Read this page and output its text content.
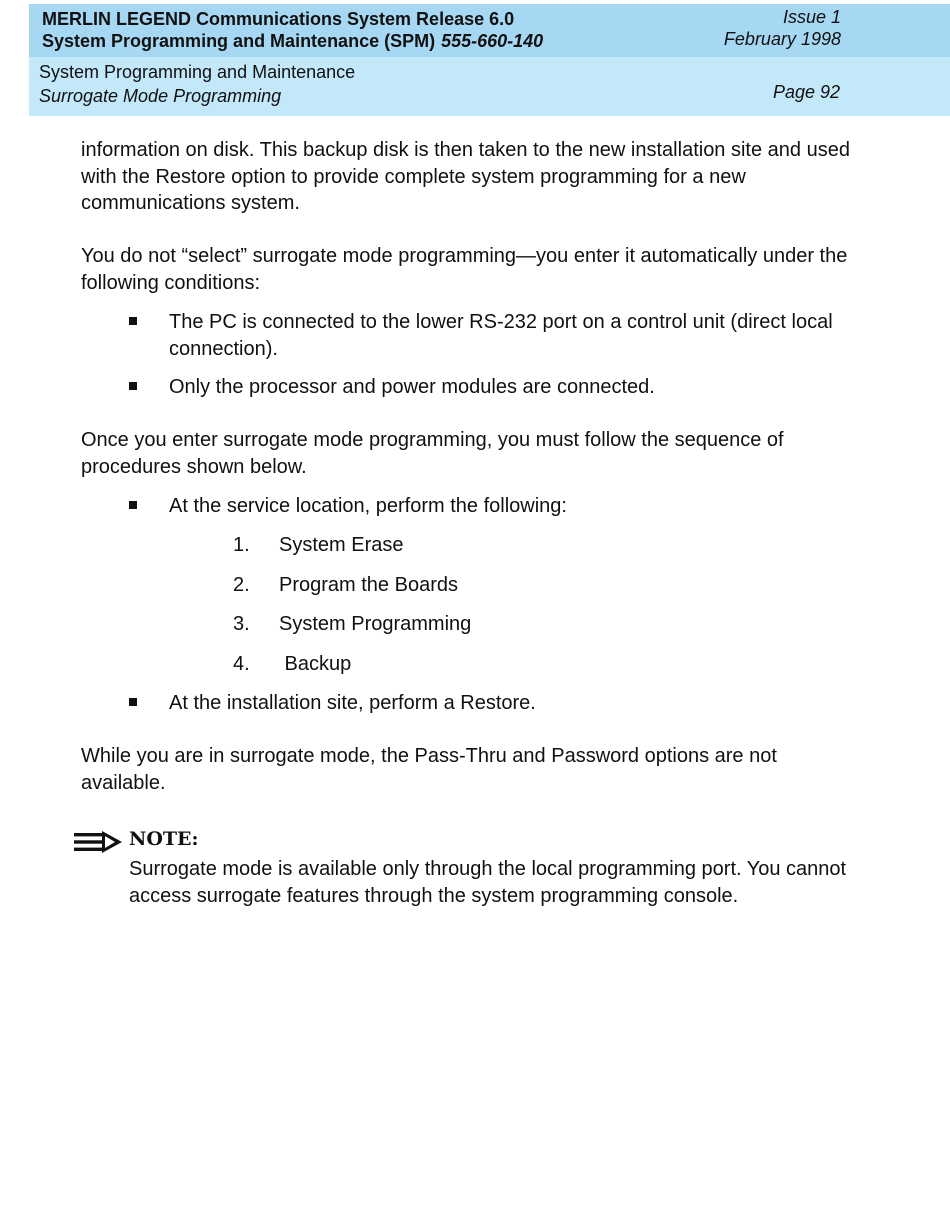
MERLIN LEGEND Communications System Release 6.0
System Programming and Maintenance (SPM) 555-660-140
Issue 1
February 1998
System Programming and Maintenance
Surrogate Mode Programming	Page 92

information on disk. This backup disk is then taken to the new installation site and used with the Restore option to provide complete system programming for a new communications system.

You do not “select” surrogate mode programming—you enter it automatically under the following conditions:

The PC is connected to the lower RS-232 port on a control unit (direct local connection).
Only the processor and power modules are connected.

Once you enter surrogate mode programming, you must follow the sequence of procedures shown below.

At the service location, perform the following:
1. System Erase
2. Program the Boards
3. System Programming
4. Backup
At the installation site, perform a Restore.

While you are in surrogate mode, the Pass-Thru and Password options are not available.

NOTE:
Surrogate mode is available only through the local programming port. You cannot access surrogate features through the system programming console.
